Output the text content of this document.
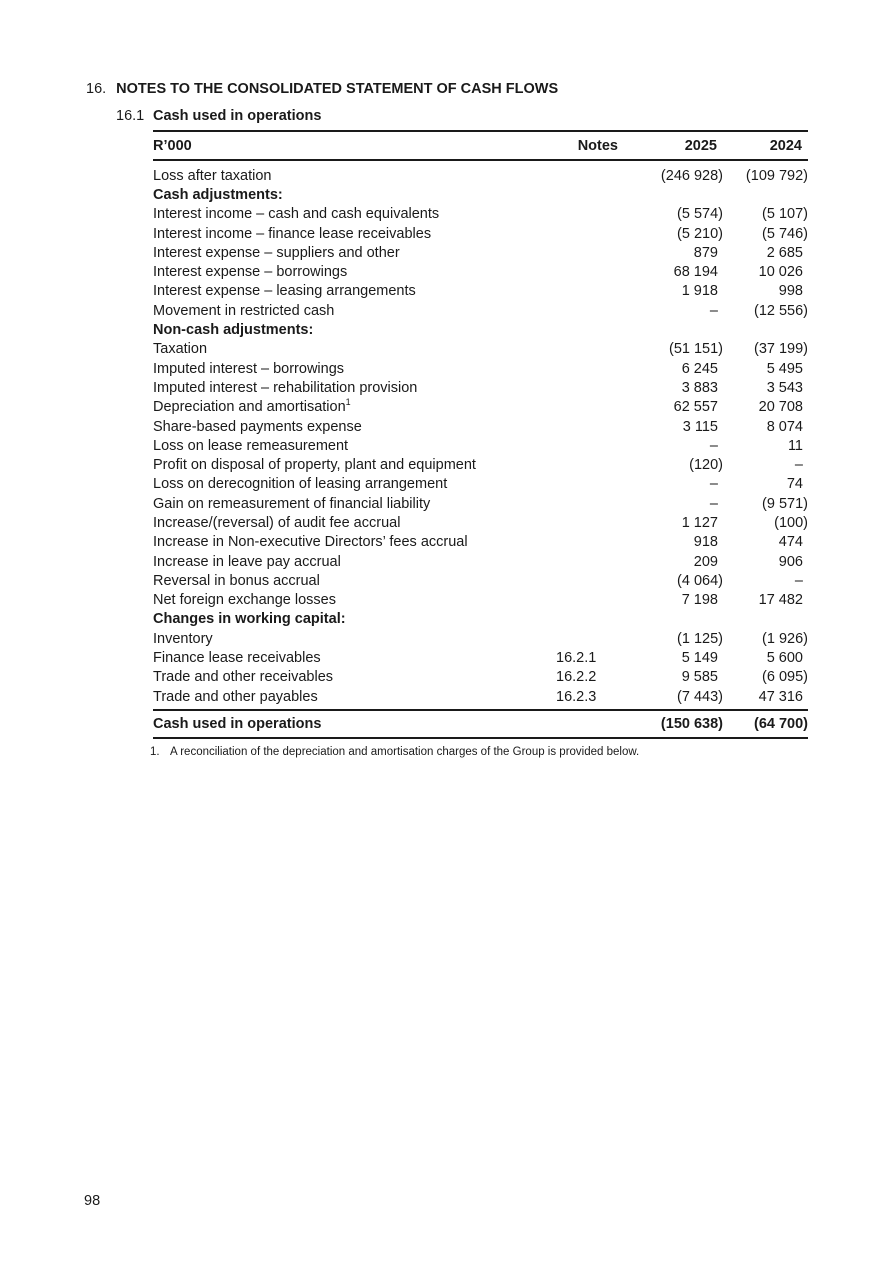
16. NOTES TO THE CONSOLIDATED STATEMENT OF CASH FLOWS
16.1 Cash used in operations
R’000	Notes	2025	2024
Loss after taxation	(246 928)	(109 792)
Cash adjustments:
Interest income – cash and cash equivalents	(5 574)	(5 107)
Interest income – finance lease receivables	(5 210)	(5 746)
Interest expense – suppliers and other	879	2 685
Interest expense – borrowings	68 194	10 026
Interest expense – leasing arrangements	1 918	998
Movement in restricted cash	–	(12 556)
Non-cash adjustments:
Taxation	(51 151)	(37 199)
Imputed interest – borrowings	6 245	5 495
Imputed interest – rehabilitation provision	3 883	3 543
Depreciation and amortisation$^1$	62 557	20 708
Share-based payments expense	3 115	8 074
Loss on lease remeasurement	–	11
Profit on disposal of property, plant and equipment	(120)	–
Loss on derecognition of leasing arrangement	–	74
Gain on remeasurement of financial liability	–	(9 571)
Increase/(reversal) of audit fee accrual	1 127	(100)
Increase in Non-executive Directors’ fees accrual	918	474
Increase in leave pay accrual	209	906
Reversal in bonus accrual	(4 064)	–
Net foreign exchange losses	7 198	17 482
Changes in working capital:
Inventory	(1 125)	(1 926)
Finance lease receivables	16.2.1	5 149	5 600
Trade and other receivables	16.2.2	9 585	(6 095)
Trade and other payables	16.2.3	(7 443)	47 316
Cash used in operations	(150 638)	(64 700)
1. A reconciliation of the depreciation and amortisation charges of the Group is provided below.
98
